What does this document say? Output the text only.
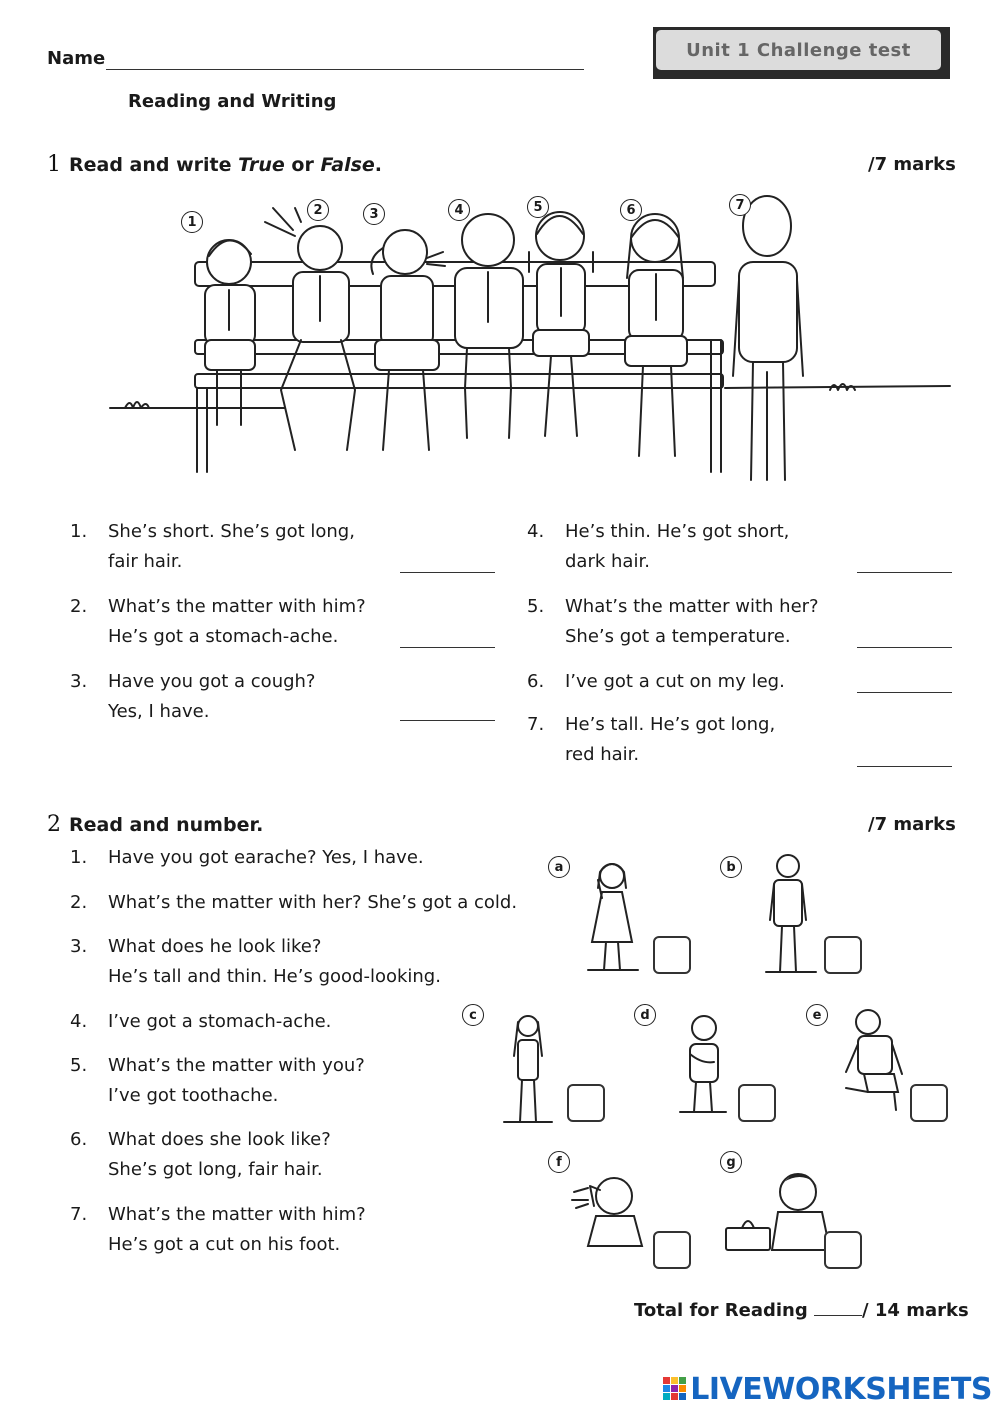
Name	Unit 1 Challenge test
Reading and Writing
1 Read and write True or False.	/7 marks
1
2	3	4	5	6	7
1.	She’s short. She’s got long,
fair hair.
2.	What’s the matter with him?
He’s got a stomach-ache.
3.	Have you got a cough?
Yes, I have.
4.	He’s thin. He’s got short,
dark hair.
5.	What’s the matter with her?
She’s got a temperature.
6.	I’ve got a cut on my leg.
7.	He’s tall. He’s got long,
red hair.
2 Read and number.	/7 marks
1.	Have you got earache? Yes, I have.
2.	What’s the matter with her? She’s got a cold.
3.	What does he look like?
He’s tall and thin. He’s good-looking.
4.	I’ve got a stomach-ache.
5.	What’s the matter with you?
I’ve got toothache.
6.	What does she look like?
She’s got long, fair hair.
7.	What’s the matter with him?
He’s got a cut on his foot.
a	b
c	d	e
f	g
Total for Reading	/ 14 marks
LIVEWORKSHEETS
